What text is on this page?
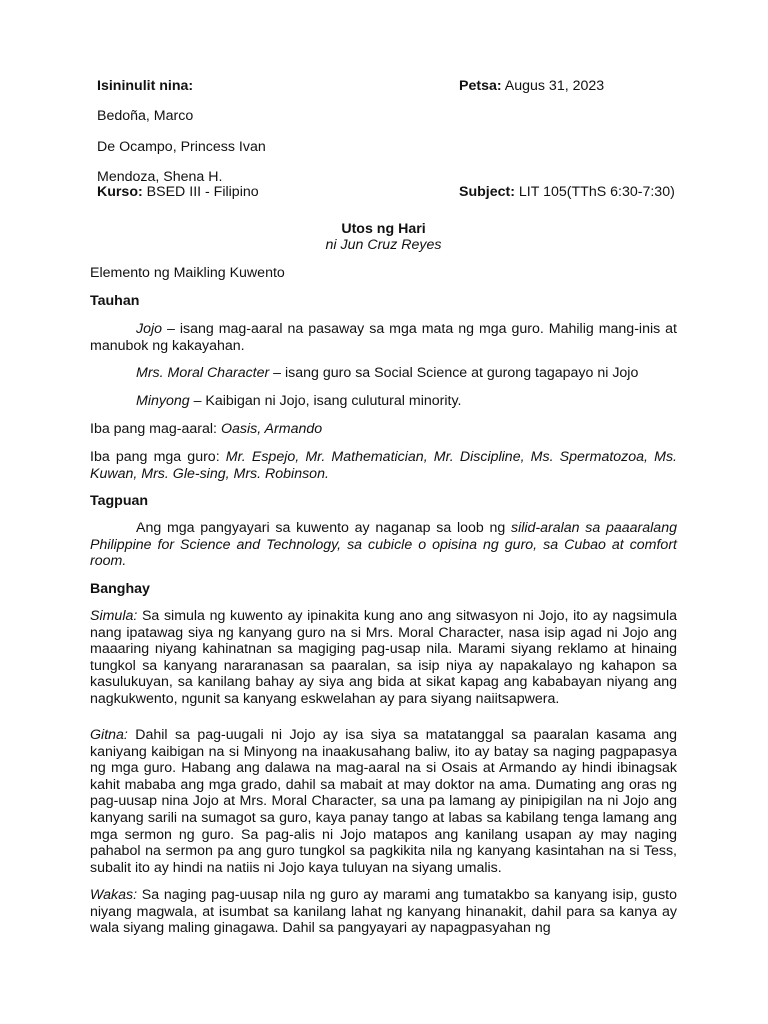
Isininulit nina:
Bedoña, Marco
De Ocampo, Princess Ivan
Mendoza, Shena H.
Petsa: Augus 31, 2023
Kurso: BSED III - Filipino	Subject: LIT 105(TThS 6:30-7:30)
Utos ng Hari
ni Jun Cruz Reyes
Elemento ng Maikling Kuwento
Tauhan
Jojo – isang mag-aaral na pasaway sa mga mata ng mga guro. Mahilig mang-inis at manubok ng kakayahan.
Mrs. Moral Character – isang guro sa Social Science at gurong tagapayo ni Jojo
Minyong – Kaibigan ni Jojo, isang culutural minority.
Iba pang mag-aaral: Oasis, Armando
Iba pang mga guro: Mr. Espejo, Mr. Mathematician, Mr. Discipline, Ms. Spermatozoa, Ms. Kuwan, Mrs. Gle-sing, Mrs. Robinson.
Tagpuan
Ang mga pangyayari sa kuwento ay naganap sa loob ng silid-aralan sa paaaralang Philippine for Science and Technology, sa cubicle o opisina ng guro, sa Cubao at comfort room.
Banghay
Simula: Sa simula ng kuwento ay ipinakita kung ano ang sitwasyon ni Jojo, ito ay nagsimula nang ipatawag siya ng kanyang guro na si Mrs. Moral Character, nasa isip agad ni Jojo ang maaaring niyang kahinatnan sa magiging pag-usap nila. Marami siyang reklamo at hinaing tungkol sa kanyang nararanasan sa paaralan, sa isip niya ay napakalayo ng kahapon sa kasulukuyan, sa kanilang bahay ay siya ang bida at sikat kapag ang kababayan niyang ang nagkukwento, ngunit sa kanyang eskwelahan ay para siyang naiitsapwera.
Gitna: Dahil sa pag-uugali ni Jojo ay isa siya sa matatanggal sa paaralan kasama ang kaniyang kaibigan na si Minyong na inaakusahang baliw, ito ay batay sa naging pagpapasya ng mga guro. Habang ang dalawa na mag-aaral na si Osais at Armando ay hindi ibinagsak kahit mababa ang mga grado, dahil sa mabait at may doktor na ama. Dumating ang oras ng pag-uusap nina Jojo at Mrs. Moral Character, sa una pa lamang ay pinipigilan na ni Jojo ang kanyang sarili na sumagot sa guro, kaya panay tango at labas sa kabilang tenga lamang ang mga sermon ng guro. Sa pag-alis ni Jojo matapos ang kanilang usapan ay may naging pahabol na sermon pa ang guro tungkol sa pagkikita nila ng kanyang kasintahan na si Tess, subalit ito ay hindi na natiis ni Jojo kaya tuluyan na siyang umalis.
Wakas: Sa naging pag-uusap nila ng guro ay marami ang tumatakbo sa kanyang isip, gusto niyang magwala, at isumbat sa kanilang lahat ng kanyang hinanakit, dahil para sa kanya ay wala siyang maling ginagawa. Dahil sa pangyayari ay napagpasyahan ng
